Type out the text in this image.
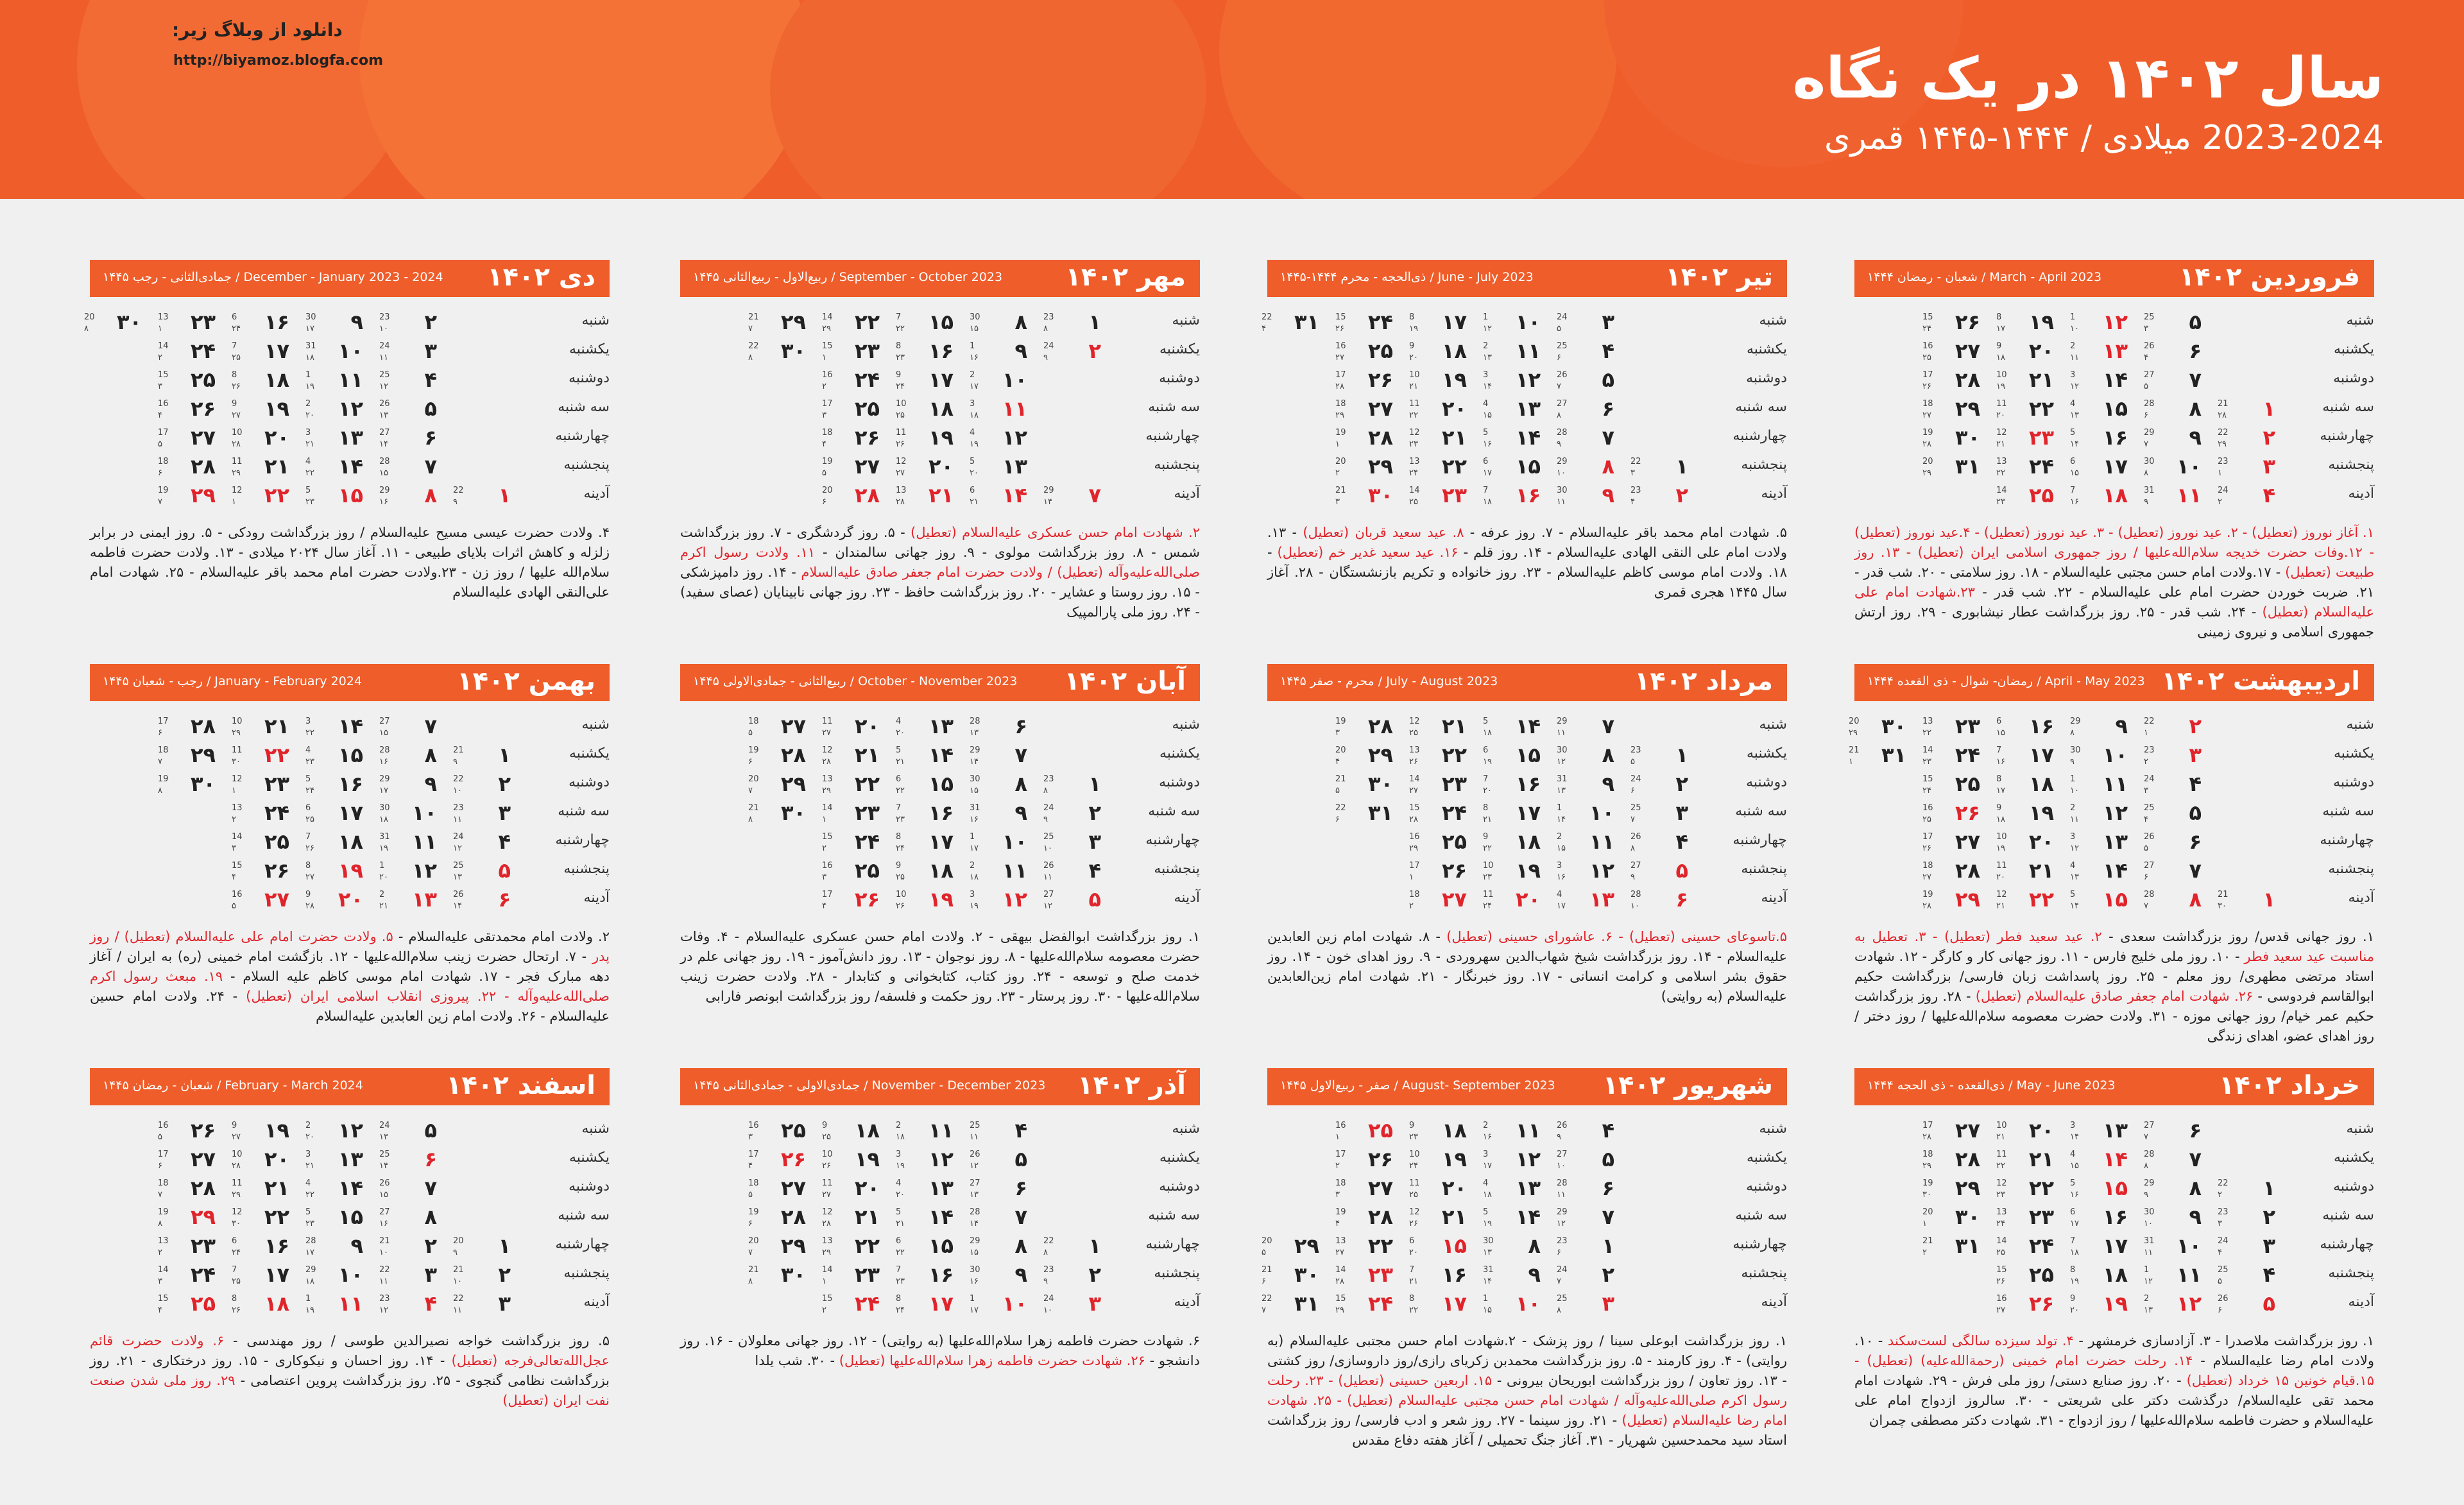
دانلود از وبلاگ زیر:
http://biyamoz.blogfa.com	سال ۱۴۰۲ در یک نگاه
2023-2024 میلادی / ۱۴۴۴-۱۴۴۵ قمری
فروردین ۱۴۰۲
March - April 2023 / شعبان - رمضان ۱۴۴۴
شنبه
۵
25
۳
۱۲
1
۱۰
۱۹
8
۱۷
۲۶
15
۲۴
یکشنبه
۶
26
۴
۱۳
2
۱۱
۲۰
9
۱۸
۲۷
16
۲۵
دوشنبه
۷
27
۵
۱۴
3
۱۲
۲۱
10
۱۹
۲۸
17
۲۶
سه شنبه
۱
21
۲۸
۸
28
۶
۱۵
4
۱۳
۲۲
11
۲۰
۲۹
18
۲۷
چهارشنبه
۲
22
۲۹
۹
29
۷
۱۶
5
۱۴
۲۳
12
۲۱
۳۰
19
۲۸
پنجشنبه
۳
23
۱
۱۰
30
۸
۱۷
6
۱۵
۲۴
13
۲۲
۳۱
20
۲۹
آدینه
۴
24
۲
۱۱
31
۹
۱۸
7
۱۶
۲۵
14
۲۳
۱. آغاز نوروز (تعطیل) - ۲. عید نوروز (تعطیل) - ۳. عید نوروز (تعطیل) - ۴.عید نوروز (تعطیل) - ۱۲.وفات حضرت خدیجه سلام‌الله‌علیها / روز جمهوری اسلامی ایران (تعطیل) - ۱۳. روز طبیعت (تعطیل) - ۱۷.ولادت امام حسن مجتبی علیه‌السلام - ۱۸. روز سلامتی - ۲۰. شب قدر - ۲۱. ضربت خوردن حضرت امام علی علیه‌السلام - ۲۲. شب قدر - ۲۳.شهادت امام علی علیه‌السلام (تعطیل) - ۲۴. شب قدر - ۲۵. روز بزرگداشت عطار نیشابوری - ۲۹. روز ارتش جمهوری اسلامی و نیروی زمینی
تیر ۱۴۰۲
June - July 2023 / ذی‌الحجه - محرم ۱۴۴۴-۱۴۴۵
شنبه
۳
24
۵
۱۰
1
۱۲
۱۷
8
۱۹
۲۴
15
۲۶
۳۱
22
۴
یکشنبه
۴
25
۶
۱۱
2
۱۳
۱۸
9
۲۰
۲۵
16
۲۷
دوشنبه
۵
26
۷
۱۲
3
۱۴
۱۹
10
۲۱
۲۶
17
۲۸
سه شنبه
۶
27
۸
۱۳
4
۱۵
۲۰
11
۲۲
۲۷
18
۲۹
چهارشنبه
۷
28
۹
۱۴
5
۱۶
۲۱
12
۲۳
۲۸
19
۱
پنجشنبه
۱
22
۳
۸
29
۱۰
۱۵
6
۱۷
۲۲
13
۲۴
۲۹
20
۲
آدینه
۲
23
۴
۹
30
۱۱
۱۶
7
۱۸
۲۳
14
۲۵
۳۰
21
۳
۵. شهادت امام محمد باقر علیه‌السلام - ۷. روز عرفه - ۸. عید سعید قربان (تعطیل) - ۱۳. ولادت امام علی النقی الهادی علیه‌السلام - ۱۴. روز قلم - ۱۶. عید سعید غدیر خم (تعطیل) - ۱۸. ولادت امام موسی کاظم علیه‌السلام - ۲۳. روز خانواده و تکریم بازنشستگان - ۲۸. آغاز سال ۱۴۴۵ هجری قمری
مهر ۱۴۰۲
September - October 2023 / ربیع‌الاول - ربیع‌الثانی ۱۴۴۵
شنبه
۱
23
۸
۸
30
۱۵
۱۵
7
۲۲
۲۲
14
۲۹
۲۹
21
۷
یکشنبه
۲
24
۹
۹
1
۱۶
۱۶
8
۲۳
۲۳
15
۱
۳۰
22
۸
دوشنبه
۱۰
2
۱۷
۱۷
9
۲۴
۲۴
16
۲
سه شنبه
۱۱
3
۱۸
۱۸
10
۲۵
۲۵
17
۳
چهارشنبه
۱۲
4
۱۹
۱۹
11
۲۶
۲۶
18
۴
پنجشنبه
۱۳
5
۲۰
۲۰
12
۲۷
۲۷
19
۵
آدینه
۷
29
۱۴
۱۴
6
۲۱
۲۱
13
۲۸
۲۸
20
۶
۲. شهادت امام حسن عسکری علیه‌السلام (تعطیل) - ۵. روز گردشگری - ۷. روز بزرگداشت شمس - ۸. روز بزرگداشت مولوی - ۹. روز جهانی سالمندان - ۱۱. ولادت رسول اکرم صلی‌الله‌علیه‌وآله (تعطیل) / ولادت حضرت امام جعفر صادق علیه‌السلام - ۱۴. روز دامپزشکی - ۱۵. روز روستا و عشایر - ۲۰. روز بزرگداشت حافظ - ۲۳. روز جهانی نابینایان (عصای سفید) - ۲۴. روز ملی پارالمپیک
دی ۱۴۰۲
December - January 2023 - 2024 / جمادی‌الثانی - رجب ۱۴۴۵
شنبه
۲
23
۱۰
۹
30
۱۷
۱۶
6
۲۴
۲۳
13
۱
۳۰
20
۸
یکشنبه
۳
24
۱۱
۱۰
31
۱۸
۱۷
7
۲۵
۲۴
14
۲
دوشنبه
۴
25
۱۲
۱۱
1
۱۹
۱۸
8
۲۶
۲۵
15
۳
سه شنبه
۵
26
۱۳
۱۲
2
۲۰
۱۹
9
۲۷
۲۶
16
۴
چهارشنبه
۶
27
۱۴
۱۳
3
۲۱
۲۰
10
۲۸
۲۷
17
۵
پنجشنبه
۷
28
۱۵
۱۴
4
۲۲
۲۱
11
۲۹
۲۸
18
۶
آدینه
۱
22
۹
۸
29
۱۶
۱۵
5
۲۳
۲۲
12
۱
۲۹
19
۷
۴. ولادت حضرت عیسی مسیح علیه‌السلام / روز بزرگداشت رودکی - ۵. روز ایمنی در برابر زلزله و کاهش اثرات بلایای طبیعی - ۱۱. آغاز سال ۲۰۲۴ میلادی - ۱۳. ولادت حضرت فاطمه سلام‌الله علیها / روز زن - ۲۳.ولادت حضرت امام محمد باقر علیه‌السلام - ۲۵. شهادت امام علی‌النقی الهادی علیه‌السلام
اردیبهشت ۱۴۰۲
April - May 2023 / رمضان- شوال - ذی القعده ۱۴۴۴
شنبه
۲
22
۱
۹
29
۸
۱۶
6
۱۵
۲۳
13
۲۲
۳۰
20
۲۹
یکشنبه
۳
23
۲
۱۰
30
۹
۱۷
7
۱۶
۲۴
14
۲۳
۳۱
21
۱
دوشنبه
۴
24
۳
۱۱
1
۱۰
۱۸
8
۱۷
۲۵
15
۲۴
سه شنبه
۵
25
۴
۱۲
2
۱۱
۱۹
9
۱۸
۲۶
16
۲۵
چهارشنبه
۶
26
۵
۱۳
3
۱۲
۲۰
10
۱۹
۲۷
17
۲۶
پنجشنبه
۷
27
۶
۱۴
4
۱۳
۲۱
11
۲۰
۲۸
18
۲۷
آدینه
۱
21
۳۰
۸
28
۷
۱۵
5
۱۴
۲۲
12
۲۱
۲۹
19
۲۸
۱. روز جهانی قدس/ روز بزرگداشت سعدی - ۲. عید سعید فطر (تعطیل) - ۳. تعطیل به مناسبت عید سعید فطر - ۱۰. روز ملی خلیج فارس - ۱۱. روز جهانی کار و کارگر - ۱۲. شهادت استاد مرتضی مطهری/ روز معلم - ۲۵. روز پاسداشت زبان فارسی/ بزرگداشت حکیم ابوالقاسم فردوسی - ۲۶. شهادت امام جعفر صادق علیه‌السلام (تعطیل) - ۲۸. روز بزرگداشت حکیم عمر خیام/ روز جهانی موزه - ۳۱. ولادت حضرت معصومه سلام‌الله‌علیها / روز دختر / روز اهدای عضو، اهدای زندگی
مرداد ۱۴۰۲
July - August 2023 / محرم - صفر ۱۴۴۵
شنبه
۷
29
۱۱
۱۴
5
۱۸
۲۱
12
۲۵
۲۸
19
۳
یکشنبه
۱
23
۵
۸
30
۱۲
۱۵
6
۱۹
۲۲
13
۲۶
۲۹
20
۴
دوشنبه
۲
24
۶
۹
31
۱۳
۱۶
7
۲۰
۲۳
14
۲۷
۳۰
21
۵
سه شنبه
۳
25
۷
۱۰
1
۱۴
۱۷
8
۲۱
۲۴
15
۲۸
۳۱
22
۶
چهارشنبه
۴
26
۸
۱۱
2
۱۵
۱۸
9
۲۲
۲۵
16
۲۹
پنجشنبه
۵
27
۹
۱۲
3
۱۶
۱۹
10
۲۳
۲۶
17
۱
آدینه
۶
28
۱۰
۱۳
4
۱۷
۲۰
11
۲۴
۲۷
18
۲
۵.تاسوعای حسینی (تعطیل) - ۶. عاشورای حسینی (تعطیل) - ۸. شهادت امام زین العابدین علیه‌السلام - ۱۴. روز بزرگداشت شیخ شهاب‌الدین سهروردی - ۹. روز اهدای خون - ۱۴. روز حقوق بشر اسلامی و کرامت انسانی - ۱۷. روز خبرنگار - ۲۱. شهادت امام زین‌العابدین علیه‌السلام (به روایتی)
آبان ۱۴۰۲
October - November 2023 / ربیع‌الثانی - جمادی‌الاولی ۱۴۴۵
شنبه
۶
28
۱۳
۱۳
4
۲۰
۲۰
11
۲۷
۲۷
18
۵
یکشنبه
۷
29
۱۴
۱۴
5
۲۱
۲۱
12
۲۸
۲۸
19
۶
دوشنبه
۱
23
۸
۸
30
۱۵
۱۵
6
۲۲
۲۲
13
۲۹
۲۹
20
۷
سه شنبه
۲
24
۹
۹
31
۱۶
۱۶
7
۲۳
۲۳
14
۱
۳۰
21
۸
چهارشنبه
۳
25
۱۰
۱۰
1
۱۷
۱۷
8
۲۴
۲۴
15
۲
پنجشنبه
۴
26
۱۱
۱۱
2
۱۸
۱۸
9
۲۵
۲۵
16
۳
آدینه
۵
27
۱۲
۱۲
3
۱۹
۱۹
10
۲۶
۲۶
17
۴
۱. روز بزرگداشت ابوالفضل بیهقی - ۲. ولادت امام حسن عسکری علیه‌السلام - ۴. وفات حضرت معصومه سلام‌الله‌علیها - ۸. روز نوجوان - ۱۳. روز دانش‌آموز - ۱۹. روز جهانی علم در خدمت صلح و توسعه - ۲۴. روز کتاب، کتابخوانی و کتابدار - ۲۸. ولادت حضرت زینب سلام‌الله‌علیها - ۳۰. روز پرستار - ۲۳. روز حکمت و فلسفه/ روز بزرگداشت ابونصر فارابی
بهمن ۱۴۰۲
January - February 2024 / رجب - شعبان ۱۴۴۵
شنبه
۷
27
۱۵
۱۴
3
۲۲
۲۱
10
۲۹
۲۸
17
۶
یکشنبه
۱
21
۹
۸
28
۱۶
۱۵
4
۲۳
۲۲
11
۳۰
۲۹
18
۷
دوشنبه
۲
22
۱۰
۹
29
۱۷
۱۶
5
۲۴
۲۳
12
۱
۳۰
19
۸
سه شنبه
۳
23
۱۱
۱۰
30
۱۸
۱۷
6
۲۵
۲۴
13
۲
چهارشنبه
۴
24
۱۲
۱۱
31
۱۹
۱۸
7
۲۶
۲۵
14
۳
پنجشنبه
۵
25
۱۳
۱۲
1
۲۰
۱۹
8
۲۷
۲۶
15
۴
آدینه
۶
26
۱۴
۱۳
2
۲۱
۲۰
9
۲۸
۲۷
16
۵
۲. ولادت امام محمدتقی علیه‌السلام - ۵. ولادت حضرت امام علی علیه‌السلام (تعطیل) / روز پدر - ۷. ارتحال حضرت زینب سلام‌الله‌علیها - ۱۲. بازگشت امام خمینی (ره) به ایران / آغاز دهه مبارک فجر - ۱۷. شهادت امام موسی کاظم علیه السلام - ۱۹. مبعث رسول اکرم صلی‌الله‌علیه‌وآله - ۲۲. پیروزی انقلاب اسلامی ایران (تعطیل) - ۲۴. ولادت امام حسین علیه‌السلام - ۲۶. ولادت امام زین العابدین علیه‌السلام
خرداد ۱۴۰۲
May - June 2023 / ذی‌القعده - ذی الحجه ۱۴۴۴
شنبه
۶
27
۷
۱۳
3
۱۴
۲۰
10
۲۱
۲۷
17
۲۸
یکشنبه
۷
28
۸
۱۴
4
۱۵
۲۱
11
۲۲
۲۸
18
۲۹
دوشنبه
۱
22
۲
۸
29
۹
۱۵
5
۱۶
۲۲
12
۲۳
۲۹
19
۳۰
سه شنبه
۲
23
۳
۹
30
۱۰
۱۶
6
۱۷
۲۳
13
۲۴
۳۰
20
۱
چهارشنبه
۳
24
۴
۱۰
31
۱۱
۱۷
7
۱۸
۲۴
14
۲۵
۳۱
21
۲
پنجشنبه
۴
25
۵
۱۱
1
۱۲
۱۸
8
۱۹
۲۵
15
۲۶
آدینه
۵
26
۶
۱۲
2
۱۳
۱۹
9
۲۰
۲۶
16
۲۷
۱. روز بزرگداشت ملاصدرا - ۳. آزادسازی خرمشهر - ۴. تولد سیزده سالگی لست‌سکند - ۱۰. ولادت امام رضا علیه‌السلام - ۱۴. رحلت حضرت امام خمینی (رحمةالله‌علیه) (تعطیل) - ۱۵.قیام خونین ۱۵ خرداد (تعطیل) - ۲۰. روز صنایع دستی/ روز ملی فرش - ۲۹. شهادت امام محمد تقی علیه‌السلام/ درگذشت دکتر علی شریعتی - ۳۰. سالروز ازدواج امام علی علیه‌السلام و حضرت فاطمه سلام‌الله‌علیها / روز ازدواج - ۳۱. شهادت دکتر مصطفی چمران
شهریور ۱۴۰۲
August- September 2023 / صفر - ربیع‌الاول ۱۴۴۵
شنبه
۴
26
۹
۱۱
2
۱۶
۱۸
9
۲۳
۲۵
16
۱
یکشنبه
۵
27
۱۰
۱۲
3
۱۷
۱۹
10
۲۴
۲۶
17
۲
دوشنبه
۶
28
۱۱
۱۳
4
۱۸
۲۰
11
۲۵
۲۷
18
۳
سه شنبه
۷
29
۱۲
۱۴
5
۱۹
۲۱
12
۲۶
۲۸
19
۴
چهارشنبه
۱
23
۶
۸
30
۱۳
۱۵
6
۲۰
۲۲
13
۲۷
۲۹
20
۵
پنجشنبه
۲
24
۷
۹
31
۱۴
۱۶
7
۲۱
۲۳
14
۲۸
۳۰
21
۶
آدینه
۳
25
۸
۱۰
1
۱۵
۱۷
8
۲۲
۲۴
15
۲۹
۳۱
22
۷
۱. روز بزرگداشت ابوعلی سینا / روز پزشک - ۲.شهادت امام حسن مجتبی علیه‌السلام (به روایتی) - ۴. روز کارمند - ۵. روز بزرگداشت محمدبن زکریای رازی/روز داروسازی/ روز کشتی - ۱۳. روز تعاون / روز بزرگداشت ابوریحان بیرونی - ۱۵. اربعین حسینی (تعطیل) - ۲۳. رحلت رسول اکرم صلی‌الله‌علیه‌وآله / شهادت امام حسن مجتبی علیه‌السلام (تعطیل) - ۲۵. شهادت امام رضا علیه‌السلام (تعطیل) - ۲۱. روز سینما - ۲۷. روز شعر و ادب فارسی/ روز بزرگداشت استاد سید محمدحسین شهریار - ۳۱. آغاز جنگ تحمیلی / آغاز هفته دفاع مقدس
آذر ۱۴۰۲
November - December 2023 / جمادی‌الاولی - جمادی‌الثانی ۱۴۴۵
شنبه
۴
25
۱۱
۱۱
2
۱۸
۱۸
9
۲۵
۲۵
16
۳
یکشنبه
۵
26
۱۲
۱۲
3
۱۹
۱۹
10
۲۶
۲۶
17
۴
دوشنبه
۶
27
۱۳
۱۳
4
۲۰
۲۰
11
۲۷
۲۷
18
۵
سه شنبه
۷
28
۱۴
۱۴
5
۲۱
۲۱
12
۲۸
۲۸
19
۶
چهارشنبه
۱
22
۸
۸
29
۱۵
۱۵
6
۲۲
۲۲
13
۲۹
۲۹
20
۷
پنجشنبه
۲
23
۹
۹
30
۱۶
۱۶
7
۲۳
۲۳
14
۱
۳۰
21
۸
آدینه
۳
24
۱۰
۱۰
1
۱۷
۱۷
8
۲۴
۲۴
15
۲
۶. شهادت حضرت فاطمه زهرا سلام‌الله‌علیها (به روایتی) - ۱۲. روز جهانی معلولان - ۱۶. روز دانشجو - ۲۶. شهادت حضرت فاطمه زهرا سلام‌الله‌علیها (تعطیل) - ۳۰. شب یلدا
اسفند ۱۴۰۲
February - March 2024 / شعبان - رمضان ۱۴۴۵
شنبه
۵
24
۱۳
۱۲
2
۲۰
۱۹
9
۲۷
۲۶
16
۵
یکشنبه
۶
25
۱۴
۱۳
3
۲۱
۲۰
10
۲۸
۲۷
17
۶
دوشنبه
۷
26
۱۵
۱۴
4
۲۲
۲۱
11
۲۹
۲۸
18
۷
سه شنبه
۸
27
۱۶
۱۵
5
۲۳
۲۲
12
۳۰
۲۹
19
۸
چهارشنبه
۱
20
۹
۲
21
۱۰
۹
28
۱۷
۱۶
6
۲۴
۲۳
13
۲
پنجشنبه
۲
21
۱۰
۳
22
۱۱
۱۰
29
۱۸
۱۷
7
۲۵
۲۴
14
۳
آدینه
۳
22
۱۱
۴
23
۱۲
۱۱
1
۱۹
۱۸
8
۲۶
۲۵
15
۴
۵. روز بزرگداشت خواجه نصیرالدین طوسی / روز مهندسی - ۶. ولادت حضرت قائم عجل‌الله‌تعالی‌فرجه (تعطیل) - ۱۴. روز احسان و نیکوکاری - ۱۵. روز درختکاری - ۲۱. روز بزرگداشت نظامی گنجوی - ۲۵. روز بزرگداشت پروین اعتصامی - ۲۹. روز ملی شدن صنعت نفت ایران (تعطیل)
